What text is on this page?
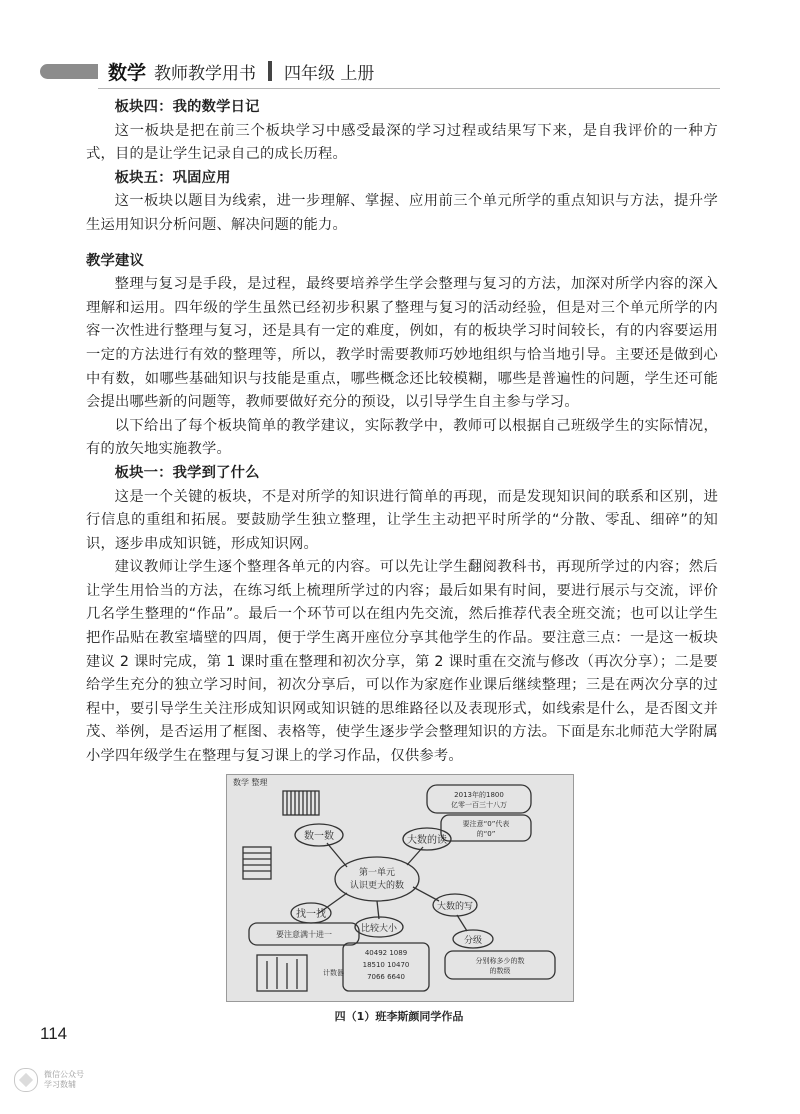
数学 教师教学用书 四年级 上册
板块四：我的数学日记

这一板块是把在前三个板块学习中感受最深的学习过程或结果写下来，是自我评价的一种方式，目的是让学生记录自己的成长历程。

板块五：巩固应用

这一板块以题目为线索，进一步理解、掌握、应用前三个单元所学的重点知识与方法，提升学生运用知识分析问题、解决问题的能力。

教学建议

整理与复习是手段，是过程，最终要培养学生学会整理与复习的方法，加深对所学内容的深入理解和运用。四年级的学生虽然已经初步积累了整理与复习的活动经验，但是对三个单元所学的内容一次性进行整理与复习，还是具有一定的难度，例如，有的板块学习时间较长，有的内容要运用一定的方法进行有效的整理等，所以，教学时需要教师巧妙地组织与恰当地引导。主要还是做到心中有数，如哪些基础知识与技能是重点，哪些概念还比较模糊，哪些是普遍性的问题，学生还可能会提出哪些新的问题等，教师要做好充分的预设，以引导学生自主参与学习。

以下给出了每个板块简单的教学建议，实际教学中，教师可以根据自己班级学生的实际情况，有的放矢地实施教学。

板块一：我学到了什么

这是一个关键的板块，不是对所学的知识进行简单的再现，而是发现知识间的联系和区别，进行信息的重组和拓展。要鼓励学生独立整理，让学生主动把平时所学的“分散、零乱、细碎”的知识，逐步串成知识链，形成知识网。

建议教师让学生逐个整理各单元的内容。可以先让学生翻阅教科书，再现所学过的内容；然后让学生用恰当的方法，在练习纸上梳理所学过的内容；最后如果有时间，要进行展示与交流，评价几名学生整理的“作品”。最后一个环节可以在组内先交流，然后推荐代表全班交流；也可以让学生把作品贴在教室墙壁的四周，便于学生离开座位分享其他学生的作品。要注意三点：一是这一板块建议 2 课时完成，第 1 课时重在整理和初次分享，第 2 课时重在交流与修改（再次分享）；二是要给学生充分的独立学习时间，初次分享后，可以作为家庭作业课后继续整理；三是在两次分享的过程中，要引导学生关注形成知识网或知识链的思维路径以及表现形式，如线索是什么，是否图文并茂、举例，是否运用了框图、表格等，使学生逐步学会整理知识的方法。下面是东北师范大学附属小学四年级学生在整理与复习课上的学习作品，仅供参考。

数学 整理
第一单元
认识更大的数
数一数	大数的读
找一找
比较大小
大数的写
分级
2013年的1800
亿零一百三十八万
要注意“0”代表
的“0”
要注意满十进一
40492 1089
18510 10470
7066 6640
分别称多少的数
的数级
计数器
四（1）班李斯颜同学作品
114
微信公众号
学习数辅
